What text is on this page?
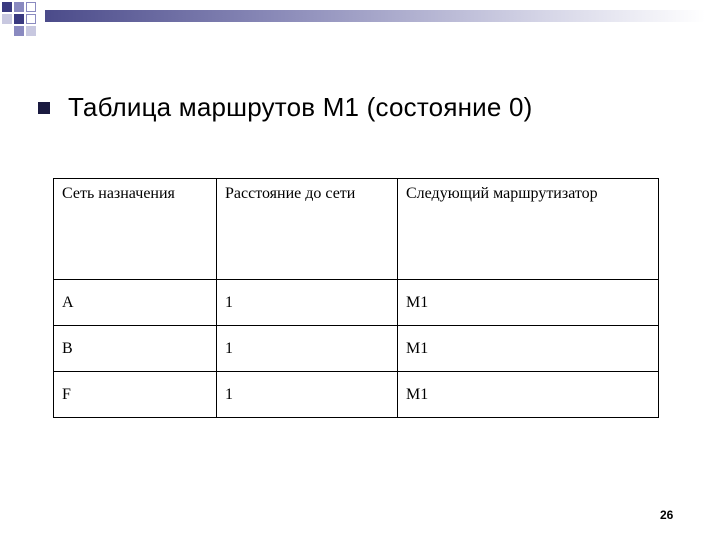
Таблица маршрутов М1 (состояние 0)
Сеть назначения	Расстояние до сети	Следующий маршрутизатор
A	1	M1
B	1	M1
F	1	M1
26
